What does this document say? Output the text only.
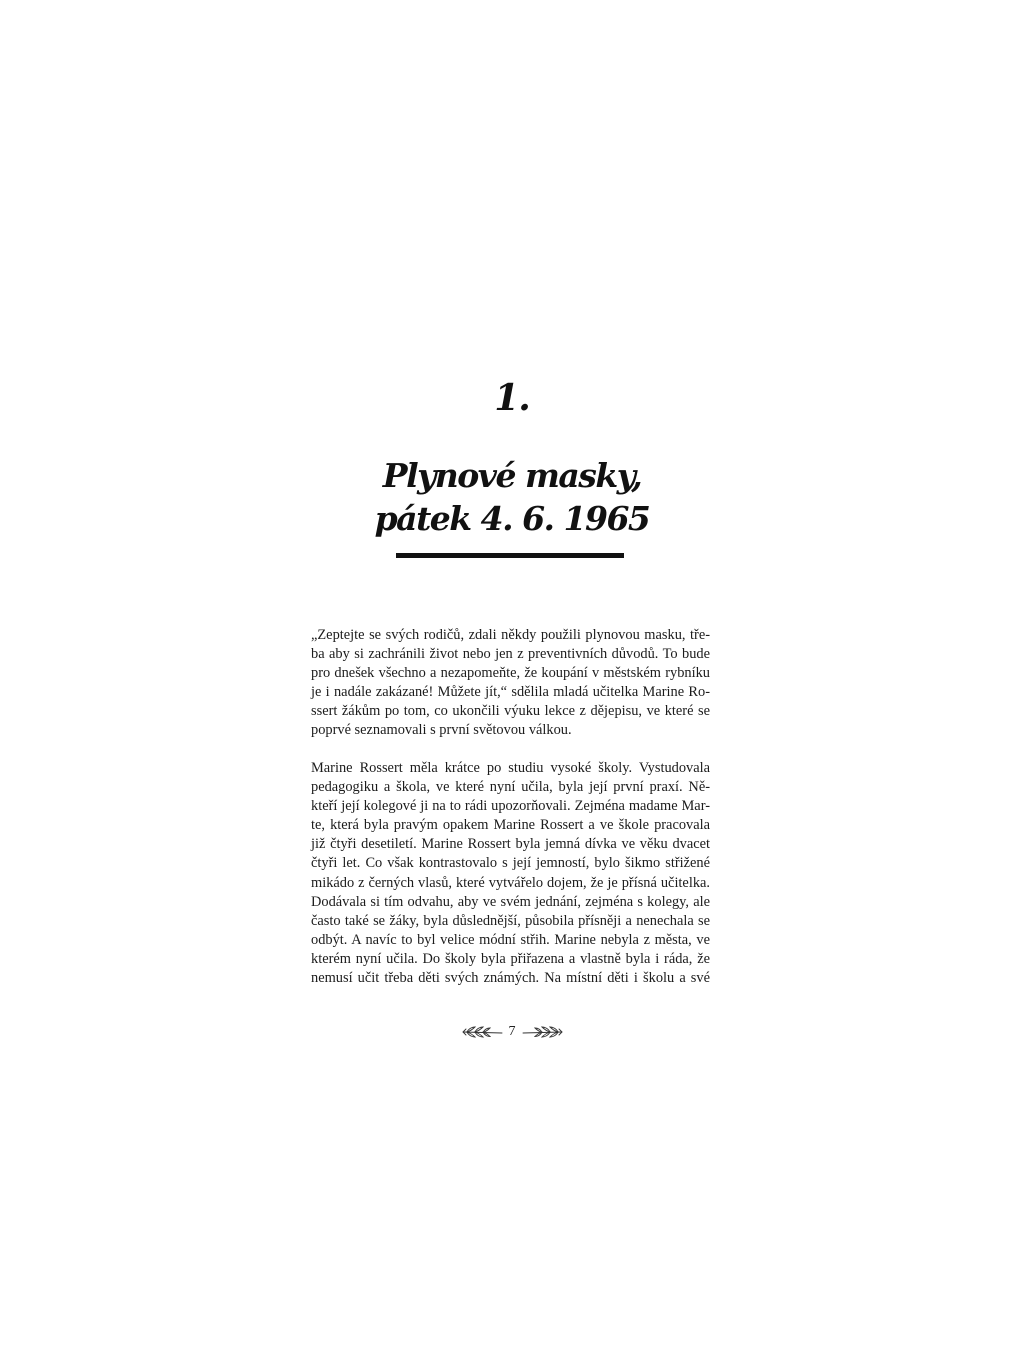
1.
Plynové masky,
pátek 4. 6. 1965
„Zeptejte se svých rodičů, zdali někdy použili plynovou masku, tře-
ba aby si zachránili život nebo jen z preventivních důvodů. To bude
pro dnešek všechno a nezapomeňte, že koupání v městském rybníku
je i nadále zakázané! Můžete jít,“ sdělila mladá učitelka Marine Ro-
ssert žákům po tom, co ukončili výuku lekce z dějepisu, ve které se
poprvé seznamovali s první světovou válkou.
Marine Rossert měla krátce po studiu vysoké školy. Vystudovala
pedagogiku a škola, ve které nyní učila, byla její první praxí. Ně-
kteří její kolegové ji na to rádi upozorňovali. Zejména madame Mar-
te, která byla pravým opakem Marine Rossert a ve škole pracovala
již čtyři desetiletí. Marine Rossert byla jemná dívka ve věku dvacet
čtyři let. Co však kontrastovalo s její jemností, bylo šikmo střižené
mikádo z černých vlasů, které vytvářelo dojem, že je přísná učitelka.
Dodávala si tím odvahu, aby ve svém jednání, zejména s kolegy, ale
často také se žáky, byla důslednější, působila přísněji a nenechala se
odbýt. A navíc to byl velice módní střih. Marine nebyla z města, ve
kterém nyní učila. Do školy byla přiřazena a vlastně byla i ráda, že
nemusí učit třeba děti svých známých. Na místní děti i školu a své
7
